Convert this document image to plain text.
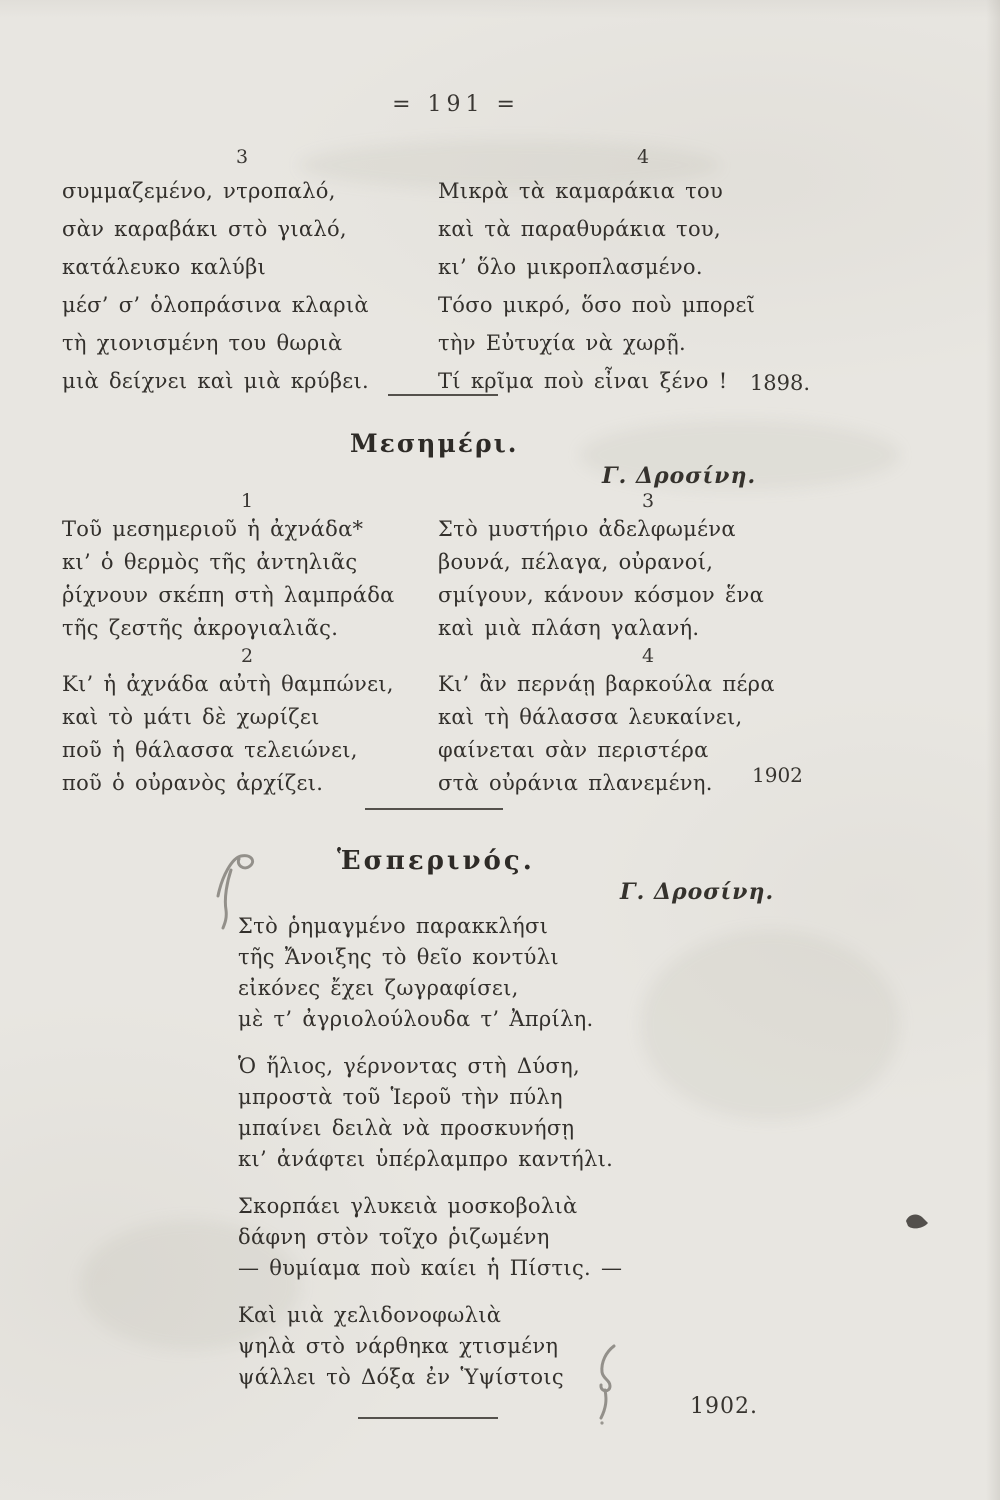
= 191 =
3
συμμαζεμένο, ντροπαλό,
σὰν καραβάκι στὸ γιαλό,
κατάλευκο καλύβι
μέσ’ σ’ ὁλοπράσινα κλαριὰ
τὴ χιονισμένη του θωριὰ
μιὰ δείχνει καὶ μιὰ κρύβει.
4
Μικρὰ τὰ καμαράκια του
καὶ τὰ παραθυράκια του,
κι’ ὅλο μικροπλασμένο.
Τόσο μικρό, ὅσο ποὺ μπορεῖ
τὴν Εὐτυχία νὰ χωρῇ.
Τί κρῖμα ποὺ εἶναι ξένο !	1898.
Μεσημέρι.
Γ. Δροσίνη.
1
Τοῦ μεσημεριοῦ ἡ ἀχνάδα*
κι’ ὁ θερμὸς τῆς ἀντηλιᾶς
ῥίχνουν σκέπη στὴ λαμπράδα
τῆς ζεστῆς ἀκρογιαλιᾶς.
2
Κι’ ἡ ἀχνάδα αὐτὴ θαμπώνει,
καὶ τὸ μάτι δὲ χωρίζει
ποῦ ἡ θάλασσα τελειώνει,
ποῦ ὁ οὐρανὸς ἀρχίζει.
3
Στὸ μυστήριο ἀδελφωμένα
βουνά, πέλαγα, οὐρανοί,
σμίγουν, κάνουν κόσμον ἕνα
καὶ μιὰ πλάση γαλανή.
4
Κι’ ἂν περνάῃ βαρκούλα πέρα
καὶ τὴ θάλασσα λευκαίνει,
φαίνεται σὰν περιστέρα
στὰ οὐράνια πλανεμένη.	1902
Ἑσπερινός.
Γ. Δροσίνη.
Στὸ ῥημαγμένο παρακκλήσι
τῆς Ἄνοιξης τὸ θεῖο κοντύλι
εἰκόνες ἔχει ζωγραφίσει,
μὲ τ’ ἀγριολούλουδα τ’ Ἀπρίλη.
Ὁ ἥλιος, γέρνοντας στὴ Δύση,
μπροστὰ τοῦ Ἱεροῦ τὴν πύλη
μπαίνει δειλὰ νὰ προσκυνήσῃ
κι’ ἀνάφτει ὑπέρλαμπρο καντήλι.
Σκορπάει γλυκειὰ μοσκοβολιὰ
δάφνη στὸν τοῖχο ῥιζωμένη
— θυμίαμα ποὺ καίει ἡ Πίστις. —
Καὶ μιὰ χελιδονοφωλιὰ
ψηλὰ στὸ νάρθηκα χτισμένη
ψάλλει τὸ Δόξα ἐν Ὑψίστοις
1902.
